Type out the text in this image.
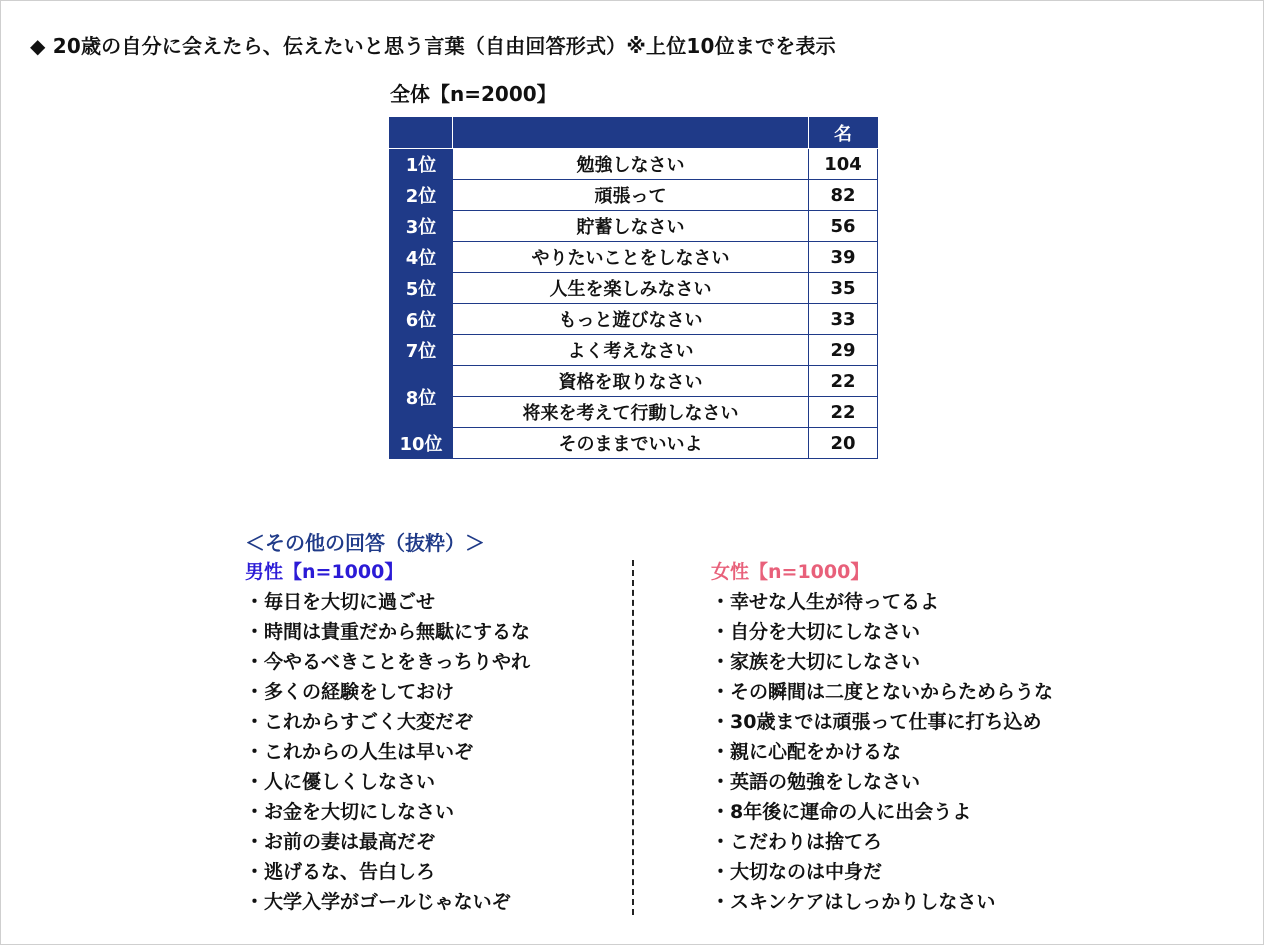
◆ 20歳の自分に会えたら、伝えたいと思う言葉（自由回答形式）※上位10位までを表示
全体【n=2000】
		名
1位	勉強しなさい	104
2位	頑張って	82
3位	貯蓄しなさい	56
4位	やりたいことをしなさい	39
5位	人生を楽しみなさい	35
6位	もっと遊びなさい	33
7位	よく考えなさい	29
8位	資格を取りなさい	22
	将来を考えて行動しなさい	22
10位	そのままでいいよ	20
＜その他の回答（抜粋）＞
男性【n=1000】
・毎日を大切に過ごせ
・時間は貴重だから無駄にするな
・今やるべきことをきっちりやれ
・多くの経験をしておけ
・これからすごく大変だぞ
・これからの人生は早いぞ
・人に優しくしなさい
・お金を大切にしなさい
・お前の妻は最高だぞ
・逃げるな、告白しろ
・大学入学がゴールじゃないぞ
女性【n=1000】
・幸せな人生が待ってるよ
・自分を大切にしなさい
・家族を大切にしなさい
・その瞬間は二度とないからためらうな
・30歳までは頑張って仕事に打ち込め
・親に心配をかけるな
・英語の勉強をしなさい
・8年後に運命の人に出会うよ
・こだわりは捨てろ
・大切なのは中身だ
・スキンケアはしっかりしなさい
